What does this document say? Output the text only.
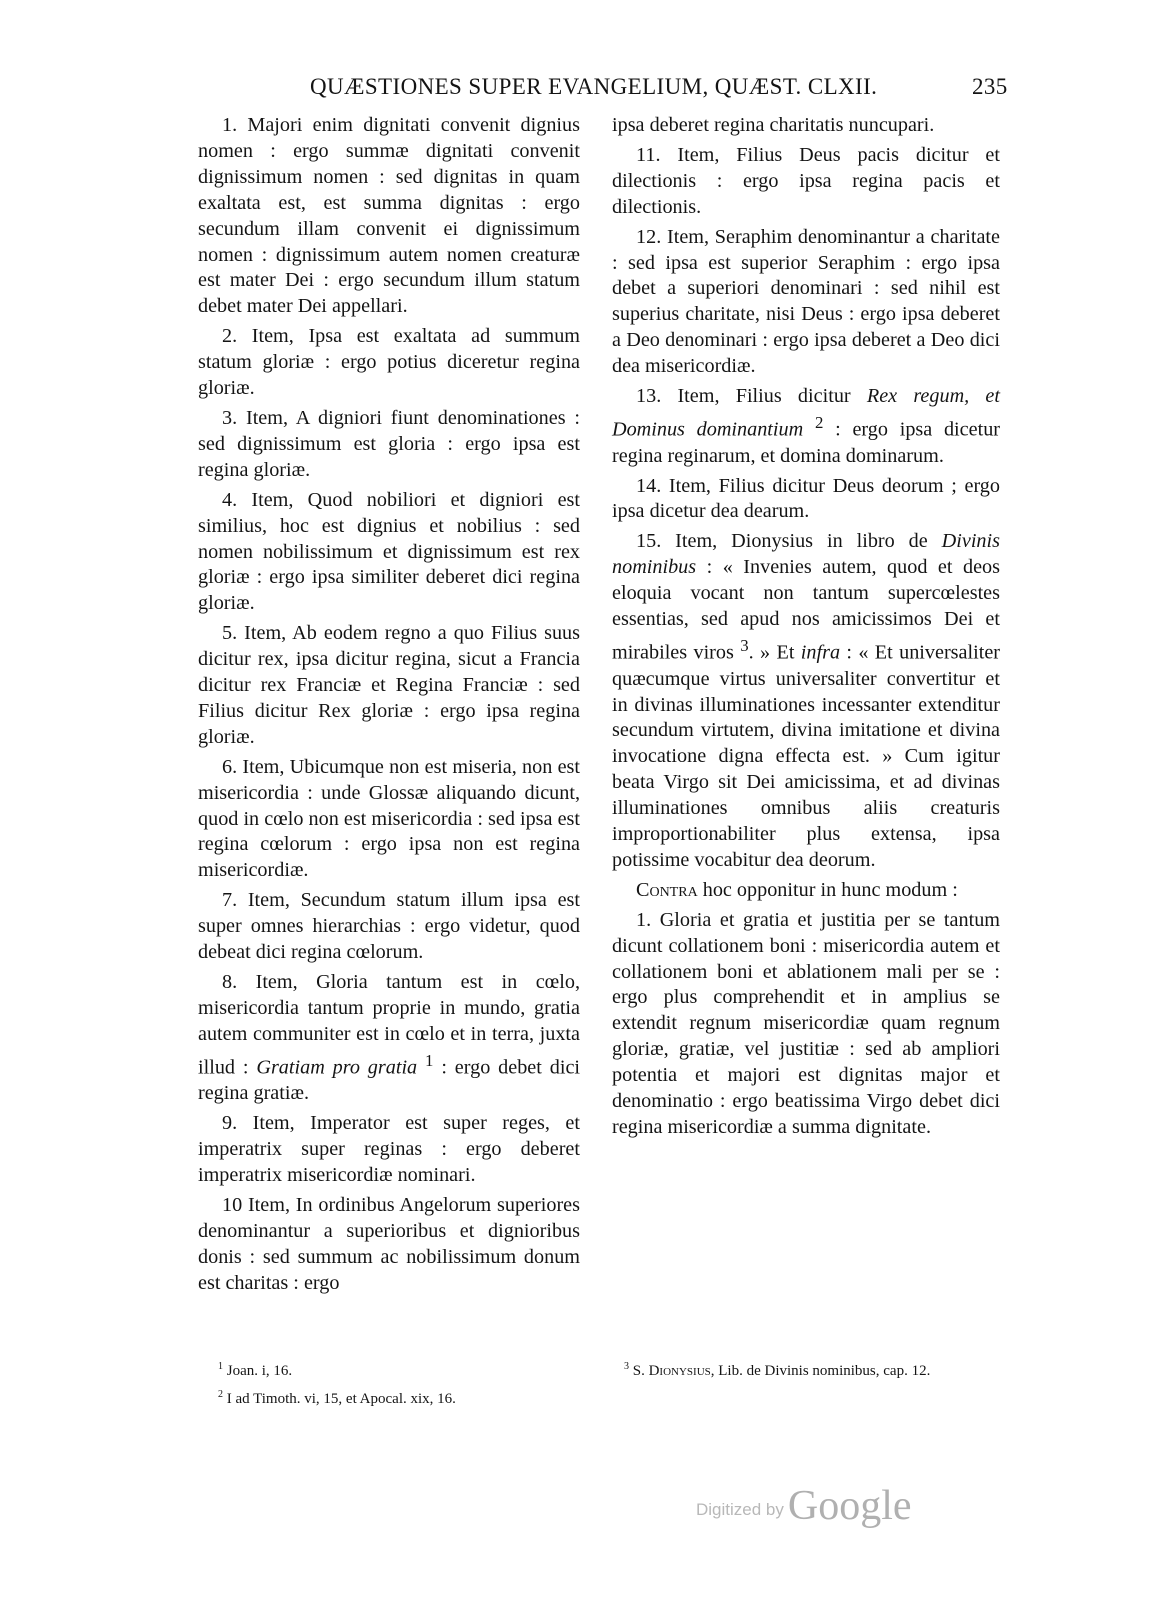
QUÆSTIONES SUPER EVANGELIUM, QUÆST. CLXII.	235

1. Majori enim dignitati convenit dignius nomen : ergo summæ dignitati convenit dignissimum nomen : sed dignitas in quam exaltata est, est summa dignitas : ergo secundum illam convenit ei dignissimum nomen : dignissimum autem nomen creaturæ est mater Dei : ergo secundum illum statum debet mater Dei appellari.

2. Item, Ipsa est exaltata ad summum statum gloriæ : ergo potius diceretur regina gloriæ.

3. Item, A digniori fiunt denominationes : sed dignissimum est gloria : ergo ipsa est regina gloriæ.

4. Item, Quod nobiliori et digniori est similius, hoc est dignius et nobilius : sed nomen nobilissimum et dignissimum est rex gloriæ : ergo ipsa similiter deberet dici regina gloriæ.

5. Item, Ab eodem regno a quo Filius suus dicitur rex, ipsa dicitur regina, sicut a Francia dicitur rex Franciæ et Regina Franciæ : sed Filius dicitur Rex gloriæ : ergo ipsa regina gloriæ.

6. Item, Ubicumque non est miseria, non est misericordia : unde Glossæ aliquando dicunt, quod in cœlo non est misericordia : sed ipsa est regina cœlorum : ergo ipsa non est regina misericordiæ.

7. Item, Secundum statum illum ipsa est super omnes hierarchias : ergo videtur, quod debeat dici regina cœlorum.

8. Item, Gloria tantum est in cœlo, misericordia tantum proprie in mundo, gratia autem communiter est in cœlo et in terra, juxta illud : Gratiam pro gratia $^1$ : ergo debet dici regina gratiæ.

9. Item, Imperator est super reges, et imperatrix super reginas : ergo deberet imperatrix misericordiæ nominari.

10 Item, In ordinibus Angelorum superiores denominantur a superioribus et dignioribus donis : sed summum ac nobilissimum donum est charitas : ergo

ipsa deberet regina charitatis nuncupari.

11. Item, Filius Deus pacis dicitur et dilectionis : ergo ipsa regina pacis et dilectionis.

12. Item, Seraphim denominantur a charitate : sed ipsa est superior Seraphim : ergo ipsa debet a superiori denominari : sed nihil est superius charitate, nisi Deus : ergo ipsa deberet a Deo denominari : ergo ipsa deberet a Deo dici dea misericordiæ.

13. Item, Filius dicitur Rex regum, et Dominus dominantium $^2$ : ergo ipsa dicetur regina reginarum, et domina dominarum.

14. Item, Filius dicitur Deus deorum ; ergo ipsa dicetur dea dearum.

15. Item, Dionysius in libro de Divinis nominibus : « Invenies autem, quod et deos eloquia vocant non tantum supercœlestes essentias, sed apud nos amicissimos Dei et mirabiles viros $^3$. » Et infra : « Et universaliter quæcumque virtus universaliter convertitur et in divinas illuminationes incessanter extenditur secundum virtutem, divina imitatione et divina invocatione digna effecta est. » Cum igitur beata Virgo sit Dei amicissima, et ad divinas illuminationes omnibus aliis creaturis improportionabiliter plus extensa, ipsa potissime vocabitur dea deorum.

Contra hoc opponitur in hunc modum :

1. Gloria et gratia et justitia per se tantum dicunt collationem boni : misericordia autem et collationem boni et ablationem mali per se : ergo plus comprehendit et in amplius se extendit regnum misericordiæ quam regnum gloriæ, gratiæ, vel justitiæ : sed ab ampliori potentia et majori est dignitas major et denominatio : ergo beatissima Virgo debet dici regina misericordiæ a summa dignitate.

$^1$ Joan. i, 16.

$^2$ I ad Timoth. vi, 15, et Apocal. xix, 16.

$^3$ S. Dionysius, Lib. de Divinis nominibus, cap. 12.

Digitized by Google
